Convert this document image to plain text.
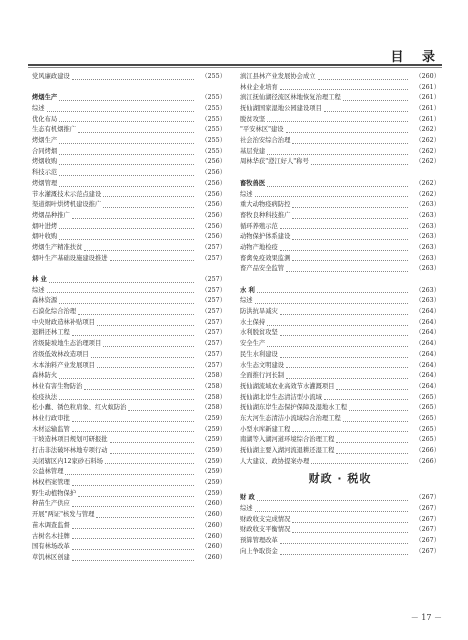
目 录
党风廉政建设	（255）
烤烟生产	（255）
综述	（255）
优化布局	（255）
生态有机烟推广	（255）
烤烟生产	（255）
合同烤烟	（255）
烤烟收购	（256）
科技示范	（256）
烤烟管理	（256）
节水灌溉技术示范点建设	（256）
渠道烟叶烘烤机建设推广	（256）
烤烟品种推广	（256）
烟叶进烤	（256）
烟叶收购	（256）
烤烟生产精准扶贫	（257）
烟叶生产基础设施建设推进	（257）
林 业	（257）
综述	（257）
森林资源	（257）
石漠化综合治理	（257）
中央财政造林补贴项目	（257）
退耕还林工程	（257）
省级陡坡地生态治理项目	（257）
省级低效林改造项目	（257）
木本油料产业发展项目	（257）
森林防火	（258）
林业有害生物防治	（258）
检疫执法	（258）
松小蠹、锈色粒肩象、红火蚁防治	（258）
林业行政审批	（259）
木材运输监管	（259）
干坡造林项目规划可研报批	（259）
打击非法破坏林地专项行动	（259）
关闭辖区内12家砂石料场	（259）
公益林管理	（259）
林权档案管理	（259）
野生动植物保护	（259）
种苗生产供应	（260）
开展"两证"核发与管理	（260）
苗木调查监督	（260）
古树名木挂牌	（260）
国有林场改革	（260）
草饥林区创建	（260）
滇江县林产业发展协会成立	（260）
林业企业培育	（261）
滇江抚仙湖径流区林地恢复治理工程	（261）
抚仙湖国家湿地公园建设项目	（261）
脱贫攻坚	（261）
"平安林区"建设	（262）
社会治安综合治理	（262）
基层党建	（262）
周林华获"澄江好人"称号	（262）
畜牧兽医	（262）
综述	（262）
重大动物疫病防控	（263）
畜牧良种科技推广	（263）
循环养殖示范	（263）
动物保护体系建设	（263）
动物产地检疫	（263）
畜禽免疫效果监测	（263）
畜产品安全监管	（263）
水 利	（263）
综述	（263）
防洪抗旱减灾	（264）
水土保持	（264）
水利脱贫攻坚	（264）
安全生产	（264）
民生水利建设	（264）
水生态文明建设	（264）
全面推行河长制	（264）
抚仙湖流域农业高效节水灌溉项目	（264）
抚仙湖北岸生态清洁型小流域	（265）
抚仙湖东岸生态保护保障及湿地水工程	（265）
东大河生态清洁小流域综合治理工程	（265）
小型水库新建工程	（265）
南湖等入湖河道环境综合治理工程	（265）
抚仙湖主要入湖河流退耕还湿工程	（266）
人大建议、政协提案办理	（266）
财政 · 税收
财 政	（267）
综述	（267）
财政收支完成情况	（267）
财政收支平衡情况	（267）
预算管理改革	（267）
向上争取资金	（267）
－ 17 －
